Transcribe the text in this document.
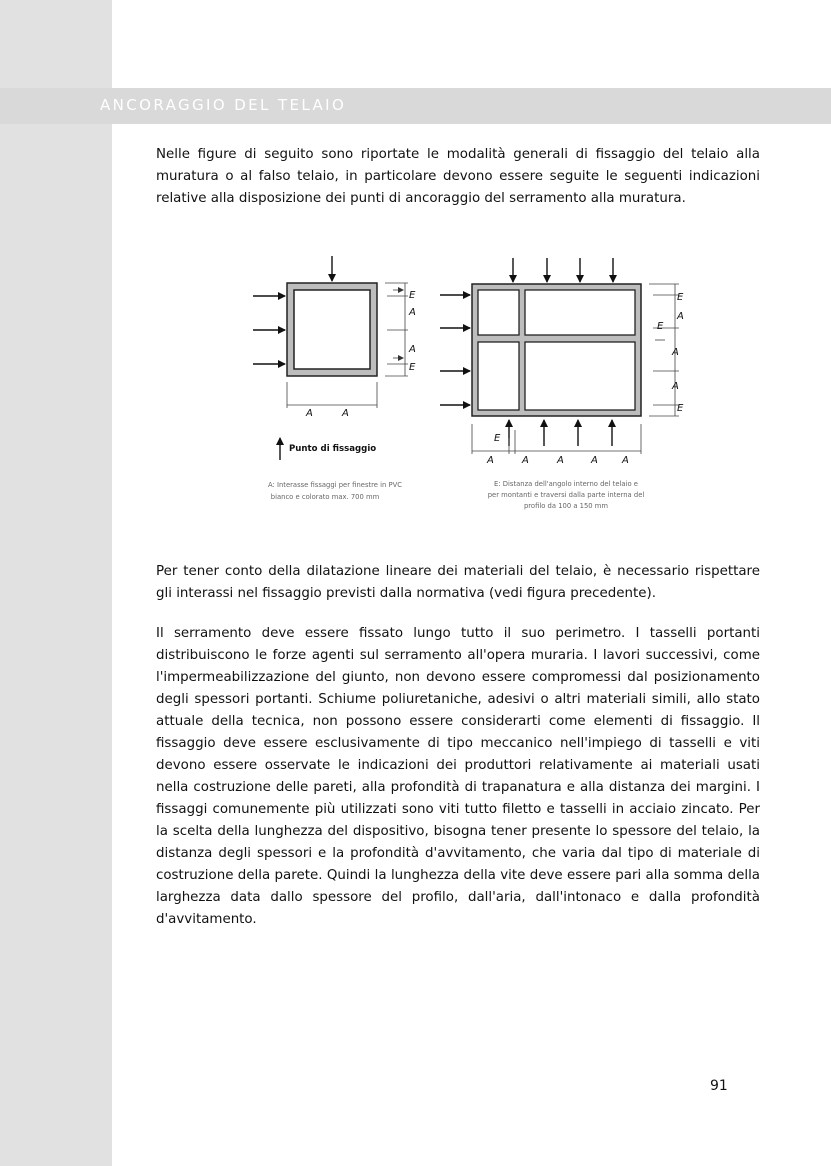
ANCORAGGIO DEL TELAIO

Nelle figure di seguito sono riportate le modalità generali di fissaggio del telaio alla muratura o al falso telaio, in particolare devono essere seguite le seguenti indicazioni relative alla disposizione dei punti di ancoraggio del serramento alla muratura.

E
A
A
E
A	A
Punto di fissaggio
E
A
E
A
A
E
E
A	A	A	A A
A: Interasse fissaggi per finestre in PVC
bianco e colorato max. 700 mm
E: Distanza dell'angolo interno del telaio e
per montanti e traversi dalla parte interna del
profilo da 100 a 150 mm

Per tener conto della dilatazione lineare dei materiali del telaio, è necessario rispettare gli interassi nel fissaggio previsti dalla normativa (vedi figura precedente).

Il serramento deve essere fissato lungo tutto il suo perimetro. I tasselli portanti distribuiscono le forze agenti sul serramento all'opera muraria. I lavori successivi, come l'impermeabilizzazione del giunto, non devono essere compromessi dal posizionamento degli spessori portanti. Schiume poliuretaniche, adesivi o altri materiali simili, allo stato attuale della tecnica, non possono essere considerarti come elementi di fissaggio. Il fissaggio deve essere esclusivamente di tipo meccanico nell'impiego di tasselli e viti devono essere osservate le indicazioni dei produttori relativamente ai materiali usati nella costruzione delle pareti, alla profondità di trapanatura e alla distanza dei margini. I fissaggi comunemente più utilizzati sono viti tutto filetto e tasselli in acciaio zincato. Per la scelta della lunghezza del dispositivo, bisogna tener presente lo spessore del telaio, la distanza degli spessori e la profondità d'avvitamento, che varia dal tipo di materiale di costruzione della parete. Quindi la lunghezza della vite deve essere pari alla somma della larghezza data dallo spessore del profilo, dall'aria, dall'intonaco e dalla profondità d'avvitamento.

91
